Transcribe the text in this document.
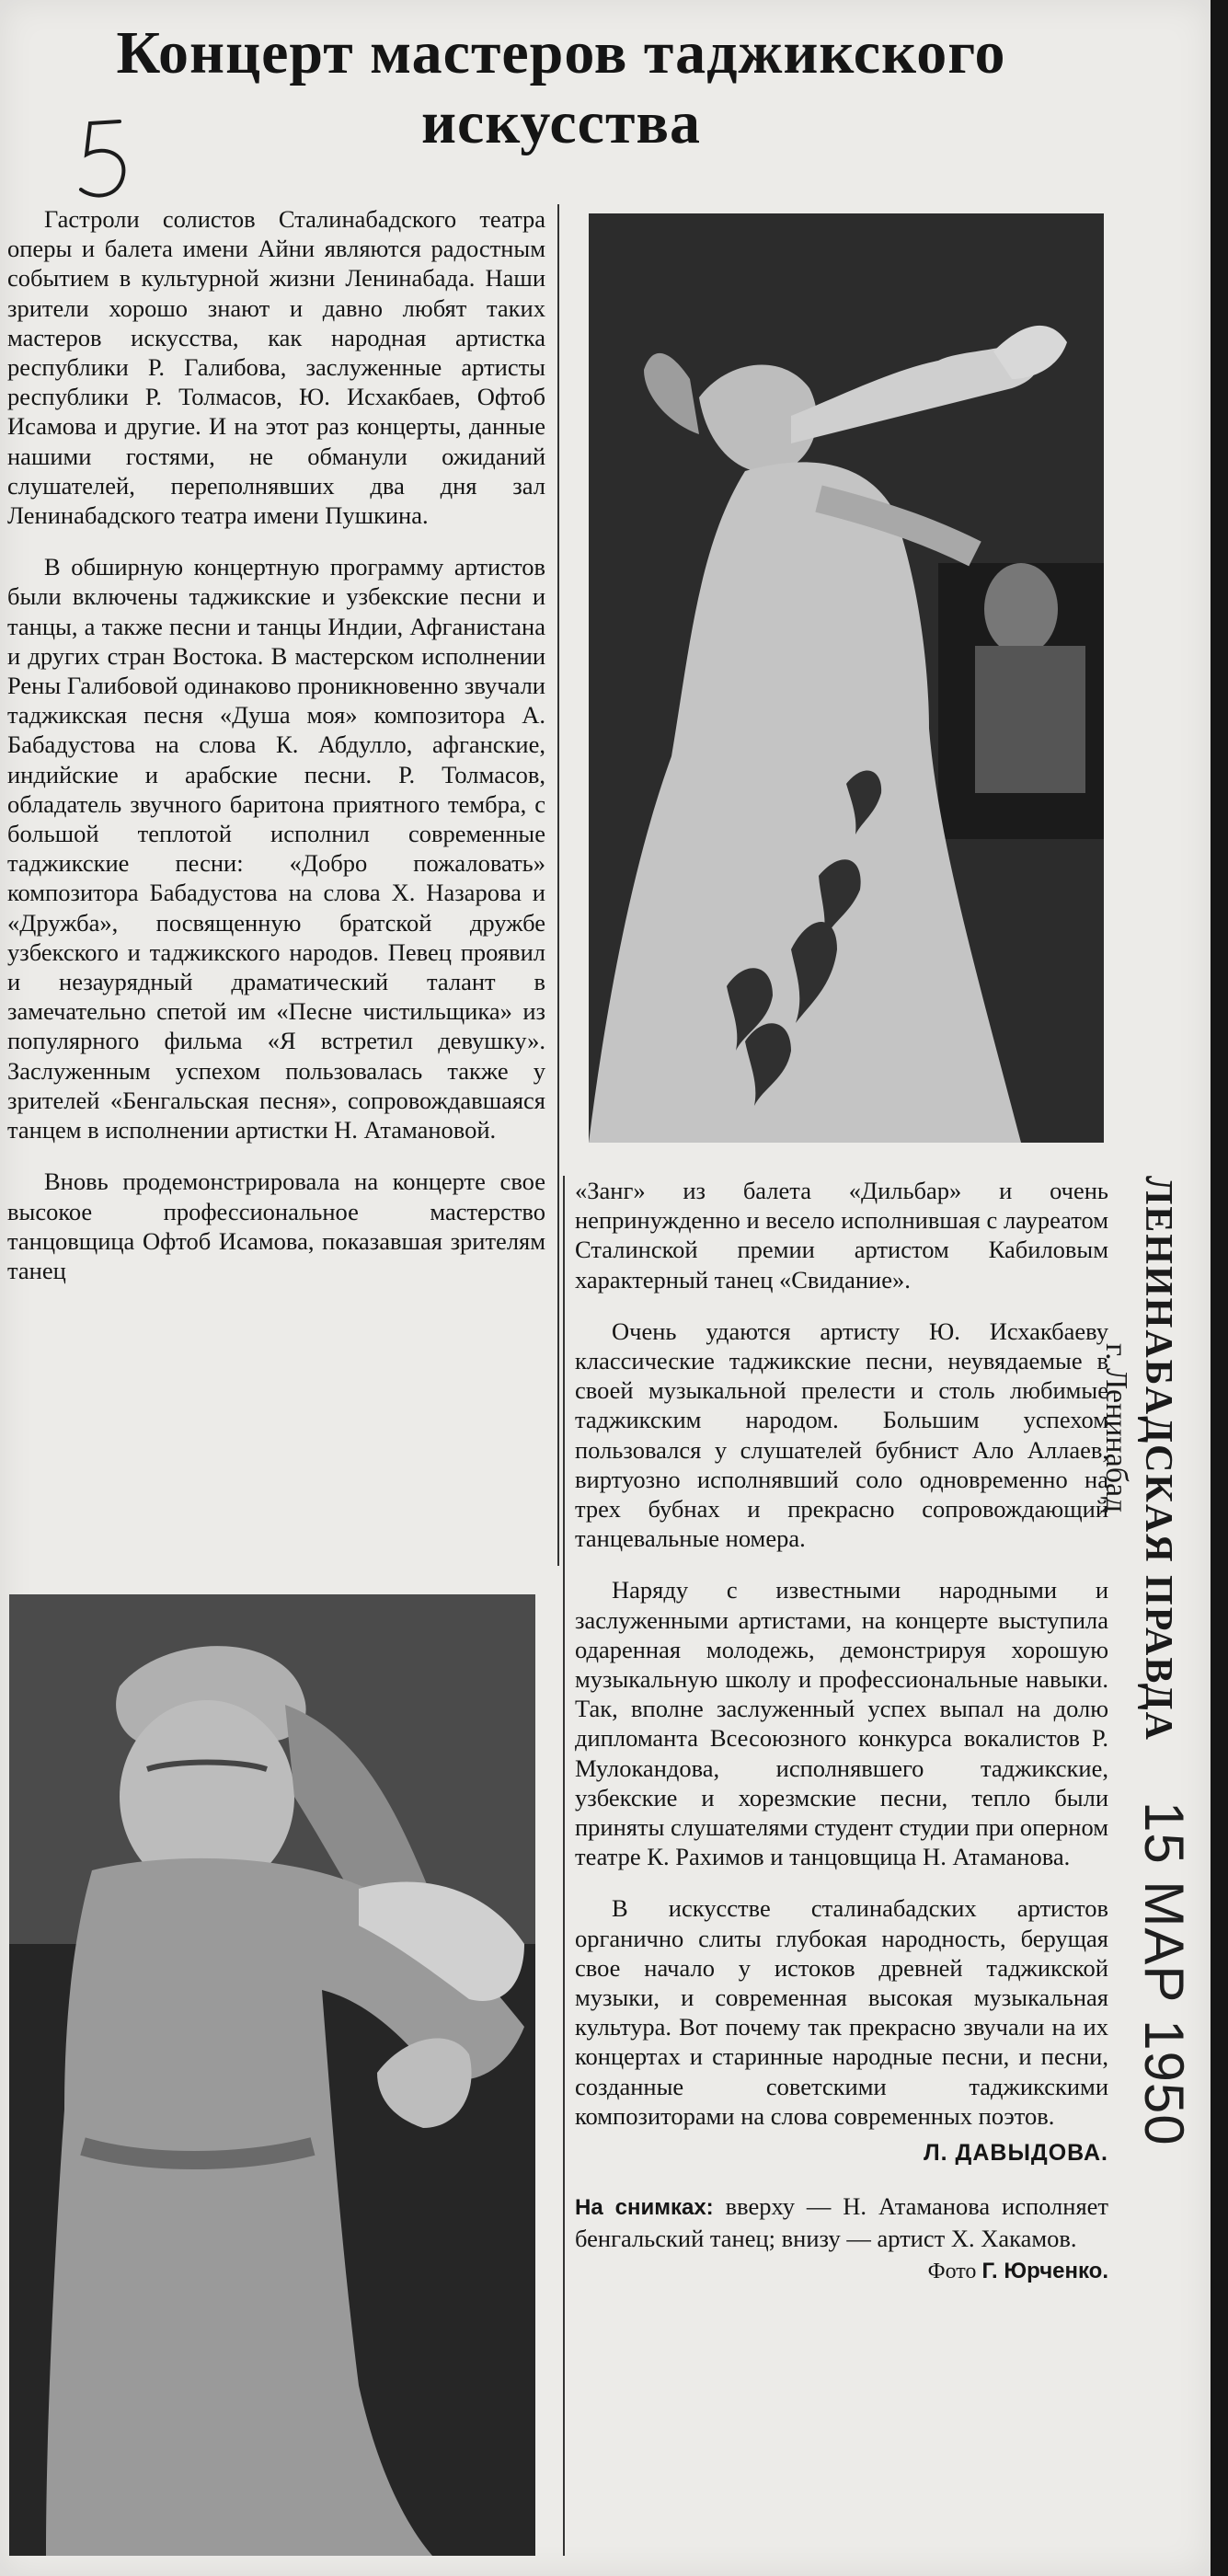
Концерт мастеров таджикского
искусства

Гастроли солистов Сталинабадского театра оперы и балета имени Айни являются радостным событием в культурной жизни Ленинабада. Наши зрители хорошо знают и давно любят таких мастеров искусства, как народная артистка республики Р. Галибова, заслуженные артисты республики Р. Толмасов, Ю. Исхакбаев, Офтоб Исамова и другие. И на этот раз концерты, данные нашими гостями, не обманули ожиданий слушателей, переполнявших два дня зал Ленинабадского театра имени Пушкина.

В обширную концертную программу артистов были включены таджикские и узбекские песни и танцы, а также песни и танцы Индии, Афганистана и других стран Востока. В мастерском исполнении Рены Галибовой одинаково проникновенно звучали таджикская песня «Душа моя» композитора А. Бабадустова на слова К. Абдулло, афганские, индийские и арабские песни. Р. Толмасов, обладатель звучного баритона приятного тембра, с большой теплотой исполнил современные таджикские песни: «Добро пожаловать» композитора Бабадустова на слова Х. Назарова и «Дружба», посвященную братской дружбе узбекского и таджикского народов. Певец проявил и незаурядный драматический талант в замечательно спетой им «Песне чистильщика» из популярного фильма «Я встретил девушку». Заслуженным успехом пользовалась также у зрителей «Бенгальская песня», сопровождавшаяся танцем в исполнении артистки Н. Атамановой.

Вновь продемонстрировала на концерте свое высокое профессиональное мастерство танцовщица Офтоб Исамова, показавшая зрителям танец

«Занг» из балета «Дильбар» и очень непринужденно и весело исполнившая с лауреатом Сталинской премии артистом Кабиловым характерный танец «Свидание».

Очень удаются артисту Ю. Исхакбаеву классические таджикские песни, неувядаемые в своей музыкальной прелести и столь любимые таджикским народом. Большим успехом пользовался у слушателей бубнист Ало Аллаев, виртуозно исполнявший соло одновременно на трех бубнах и прекрасно сопровождающий танцевальные номера.

Наряду с известными народными и заслуженными артистами, на концерте выступила одаренная молодежь, демонстрируя хорошую музыкальную школу и профессиональные навыки. Так, вполне заслуженный успех выпал на долю дипломанта Всесоюзного конкурса вокалистов Р. Мулокандова, исполнявшего таджикские, узбекские и хорезмские песни, тепло были приняты слушателями студент студии при оперном театре К. Рахимов и танцовщица Н. Атаманова.

В искусстве сталинабадских артистов органично слиты глубокая народность, берущая свое начало у истоков древней таджикской музыки, и современная высокая музыкальная культура. Вот почему так прекрасно звучали на их концертах и старинные народные песни, и песни, созданные советскими таджикскими композиторами на слова современных поэтов.

Л. ДАВЫДОВА.
На снимках: вверху — Н. Атаманова исполняет бенгальский танец; внизу — артист Х. Хакамов.
Фото Г. Юрченко.
ЛЕНИНАБАДСКАЯ ПРАВДА
г. Ленинабад
15 МАР 1950
